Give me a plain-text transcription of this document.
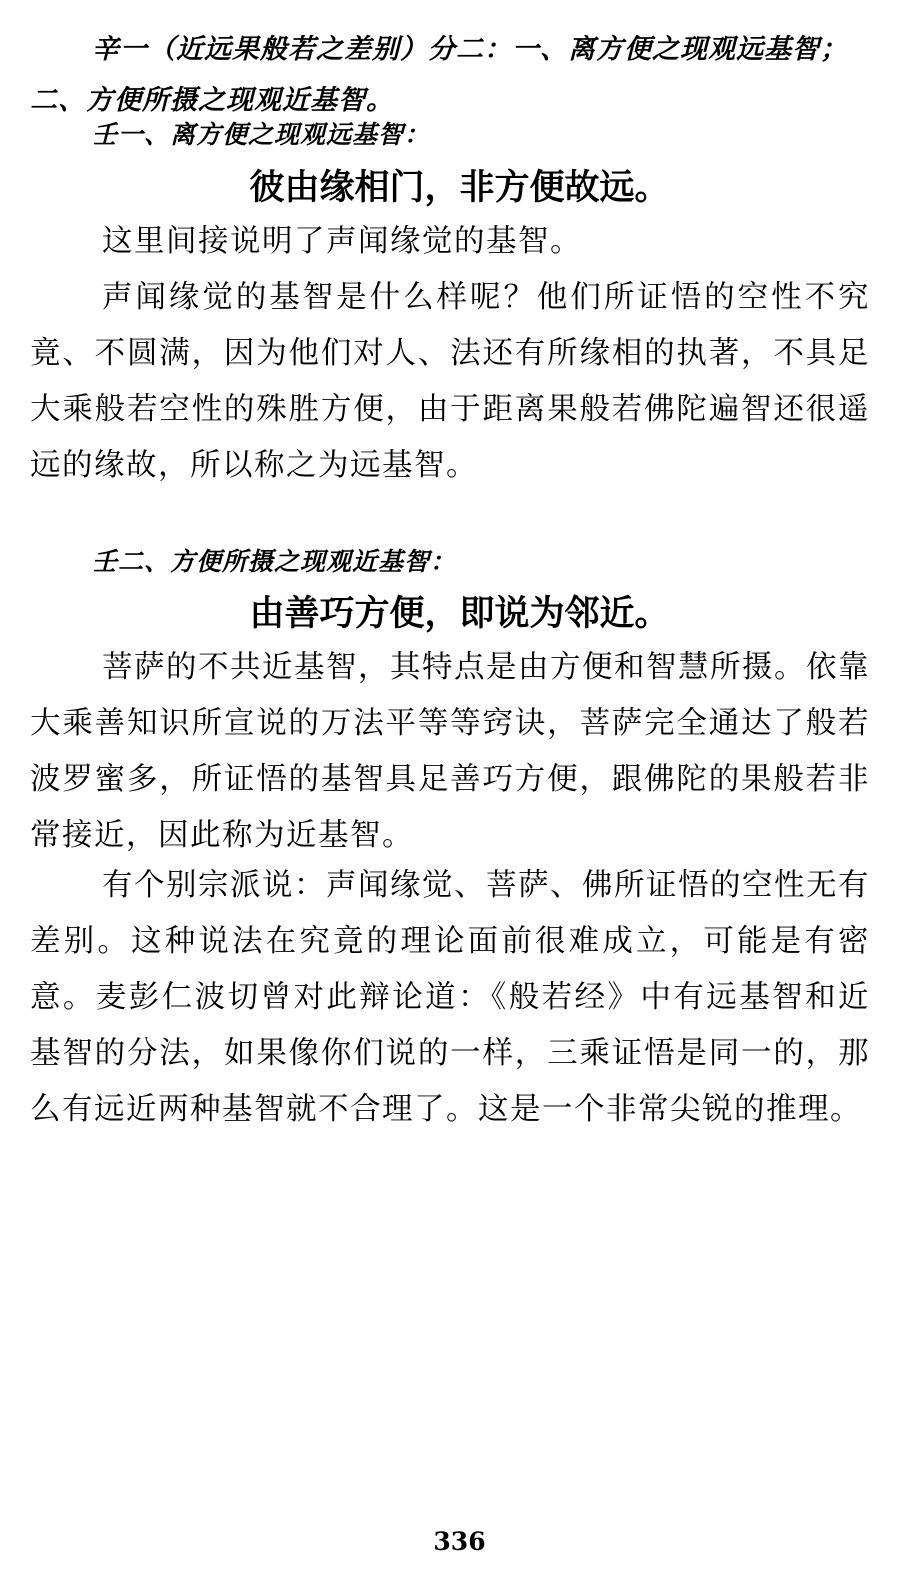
辛一（近远果般若之差别）分二：一、离方便之现观远基智；二、方便所摄之现观近基智。

壬一、离方便之现观远基智：

彼由缘相门，非方便故远。

这里间接说明了声闻缘觉的基智。

声闻缘觉的基智是什么样呢？他们所证悟的空性不究竟、不圆满，因为他们对人、法还有所缘相的执著，不具足大乘般若空性的殊胜方便，由于距离果般若佛陀遍智还很遥远的缘故，所以称之为远基智。

壬二、方便所摄之现观近基智：

由善巧方便，即说为邻近。

菩萨的不共近基智，其特点是由方便和智慧所摄。依靠大乘善知识所宣说的万法平等等窍诀，菩萨完全通达了般若波罗蜜多，所证悟的基智具足善巧方便，跟佛陀的果般若非常接近，因此称为近基智。

有个别宗派说：声闻缘觉、菩萨、佛所证悟的空性无有差别。这种说法在究竟的理论面前很难成立，可能是有密意。麦彭仁波切曾对此辩论道：《般若经》中有远基智和近基智的分法，如果像你们说的一样，三乘证悟是同一的，那么有远近两种基智就不合理了。这是一个非常尖锐的推理。

336
